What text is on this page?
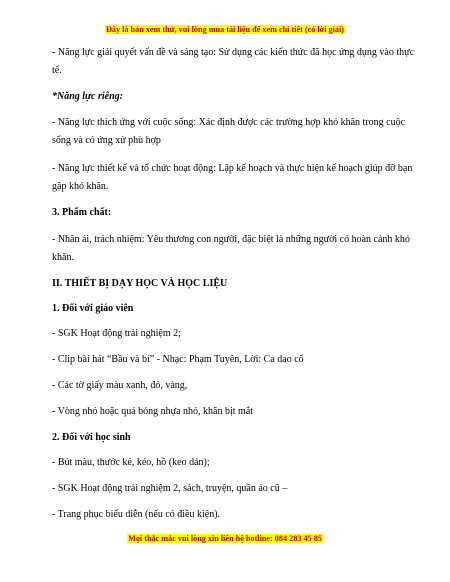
Đây là bản xem thử, vui lòng mua tài liệu để xem chi tiết (có lời giải)

- Năng lực giải quyết vấn đề và sáng tạo: Sử dụng các kiến thức đã học ứng dụng vào thực tế.

*Năng lực riêng:

- Năng lực thích ứng với cuộc sống: Xác định được các trường hợp khó khăn trong cuộc sống và có ứng xử phù hợp

- Năng lực thiết kế và tổ chức hoạt động: Lập kế hoạch và thực hiện kế hoạch giúp đỡ bạn gặp khó khăn.

3. Phẩm chất:

- Nhân ái, trách nhiệm: Yêu thương con người, đặc biệt là những người có hoàn cảnh khó khăn.

II. THIẾT BỊ DẠY HỌC VÀ HỌC LIỆU

1. Đối với giáo viên

- SGK Hoạt động trải nghiệm 2;

- Clip bài hát “Bầu và bí” - Nhạc: Phạm Tuyên, Lời: Ca dao cổ

- Các tờ giấy màu xanh, đỏ, vàng,

- Vòng nhỏ hoặc quả bóng nhựa nhỏ, khăn bịt mắt

2. Đối với học sinh

- Bút màu, thước kẻ, kéo, hồ (keo dán);

- SGK Hoạt động trải nghiệm 2, sách, truyện, quần áo cũ –

- Trang phục biểu diễn (nếu có điều kiện).

Mọi thắc mắc vui lòng xin liên hệ hotline: 084 283 45 85
